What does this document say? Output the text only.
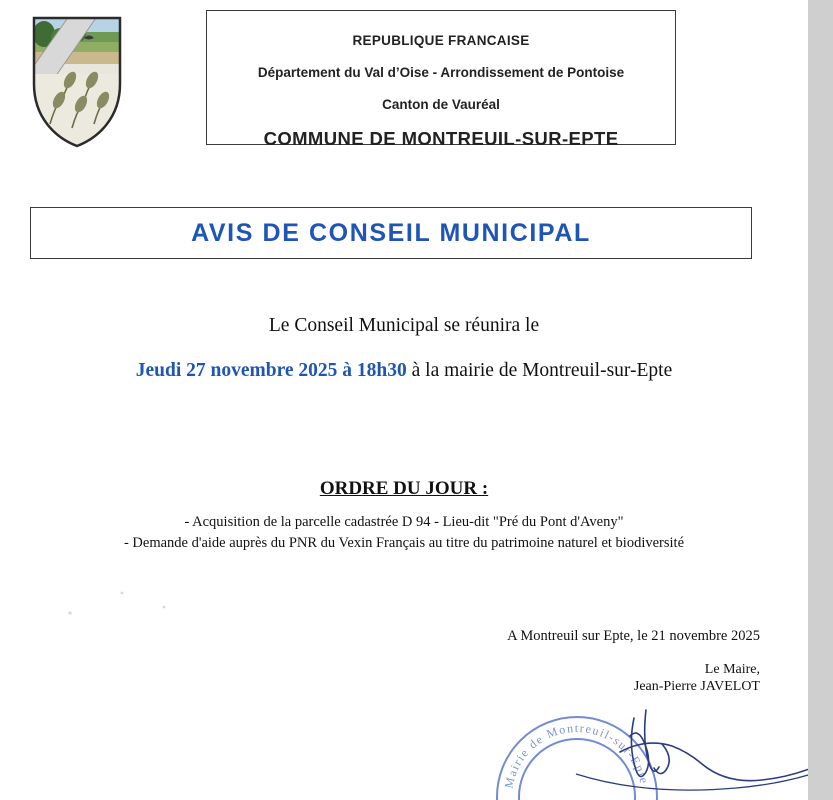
REPUBLIQUE FRANCAISE
Département du Val d’Oise - Arrondissement de Pontoise
Canton de Vauréal
COMMUNE DE MONTREUIL-SUR-EPTE
AVIS DE CONSEIL MUNICIPAL
Le Conseil Municipal se réunira le
Jeudi 27 novembre 2025 à 18h30 à la mairie de Montreuil-sur-Epte
ORDRE DU JOUR :
- Acquisition de la parcelle cadastrée D 94 - Lieu-dit "Pré du Pont d'Aveny"
- Demande d'aide auprès du PNR du Vexin Français au titre du patrimoine naturel et biodiversité
A Montreuil sur Epte, le 21 novembre 2025
Le Maire,
Jean-Pierre JAVELOT
Mairie de Montreuil-sur-Epte
